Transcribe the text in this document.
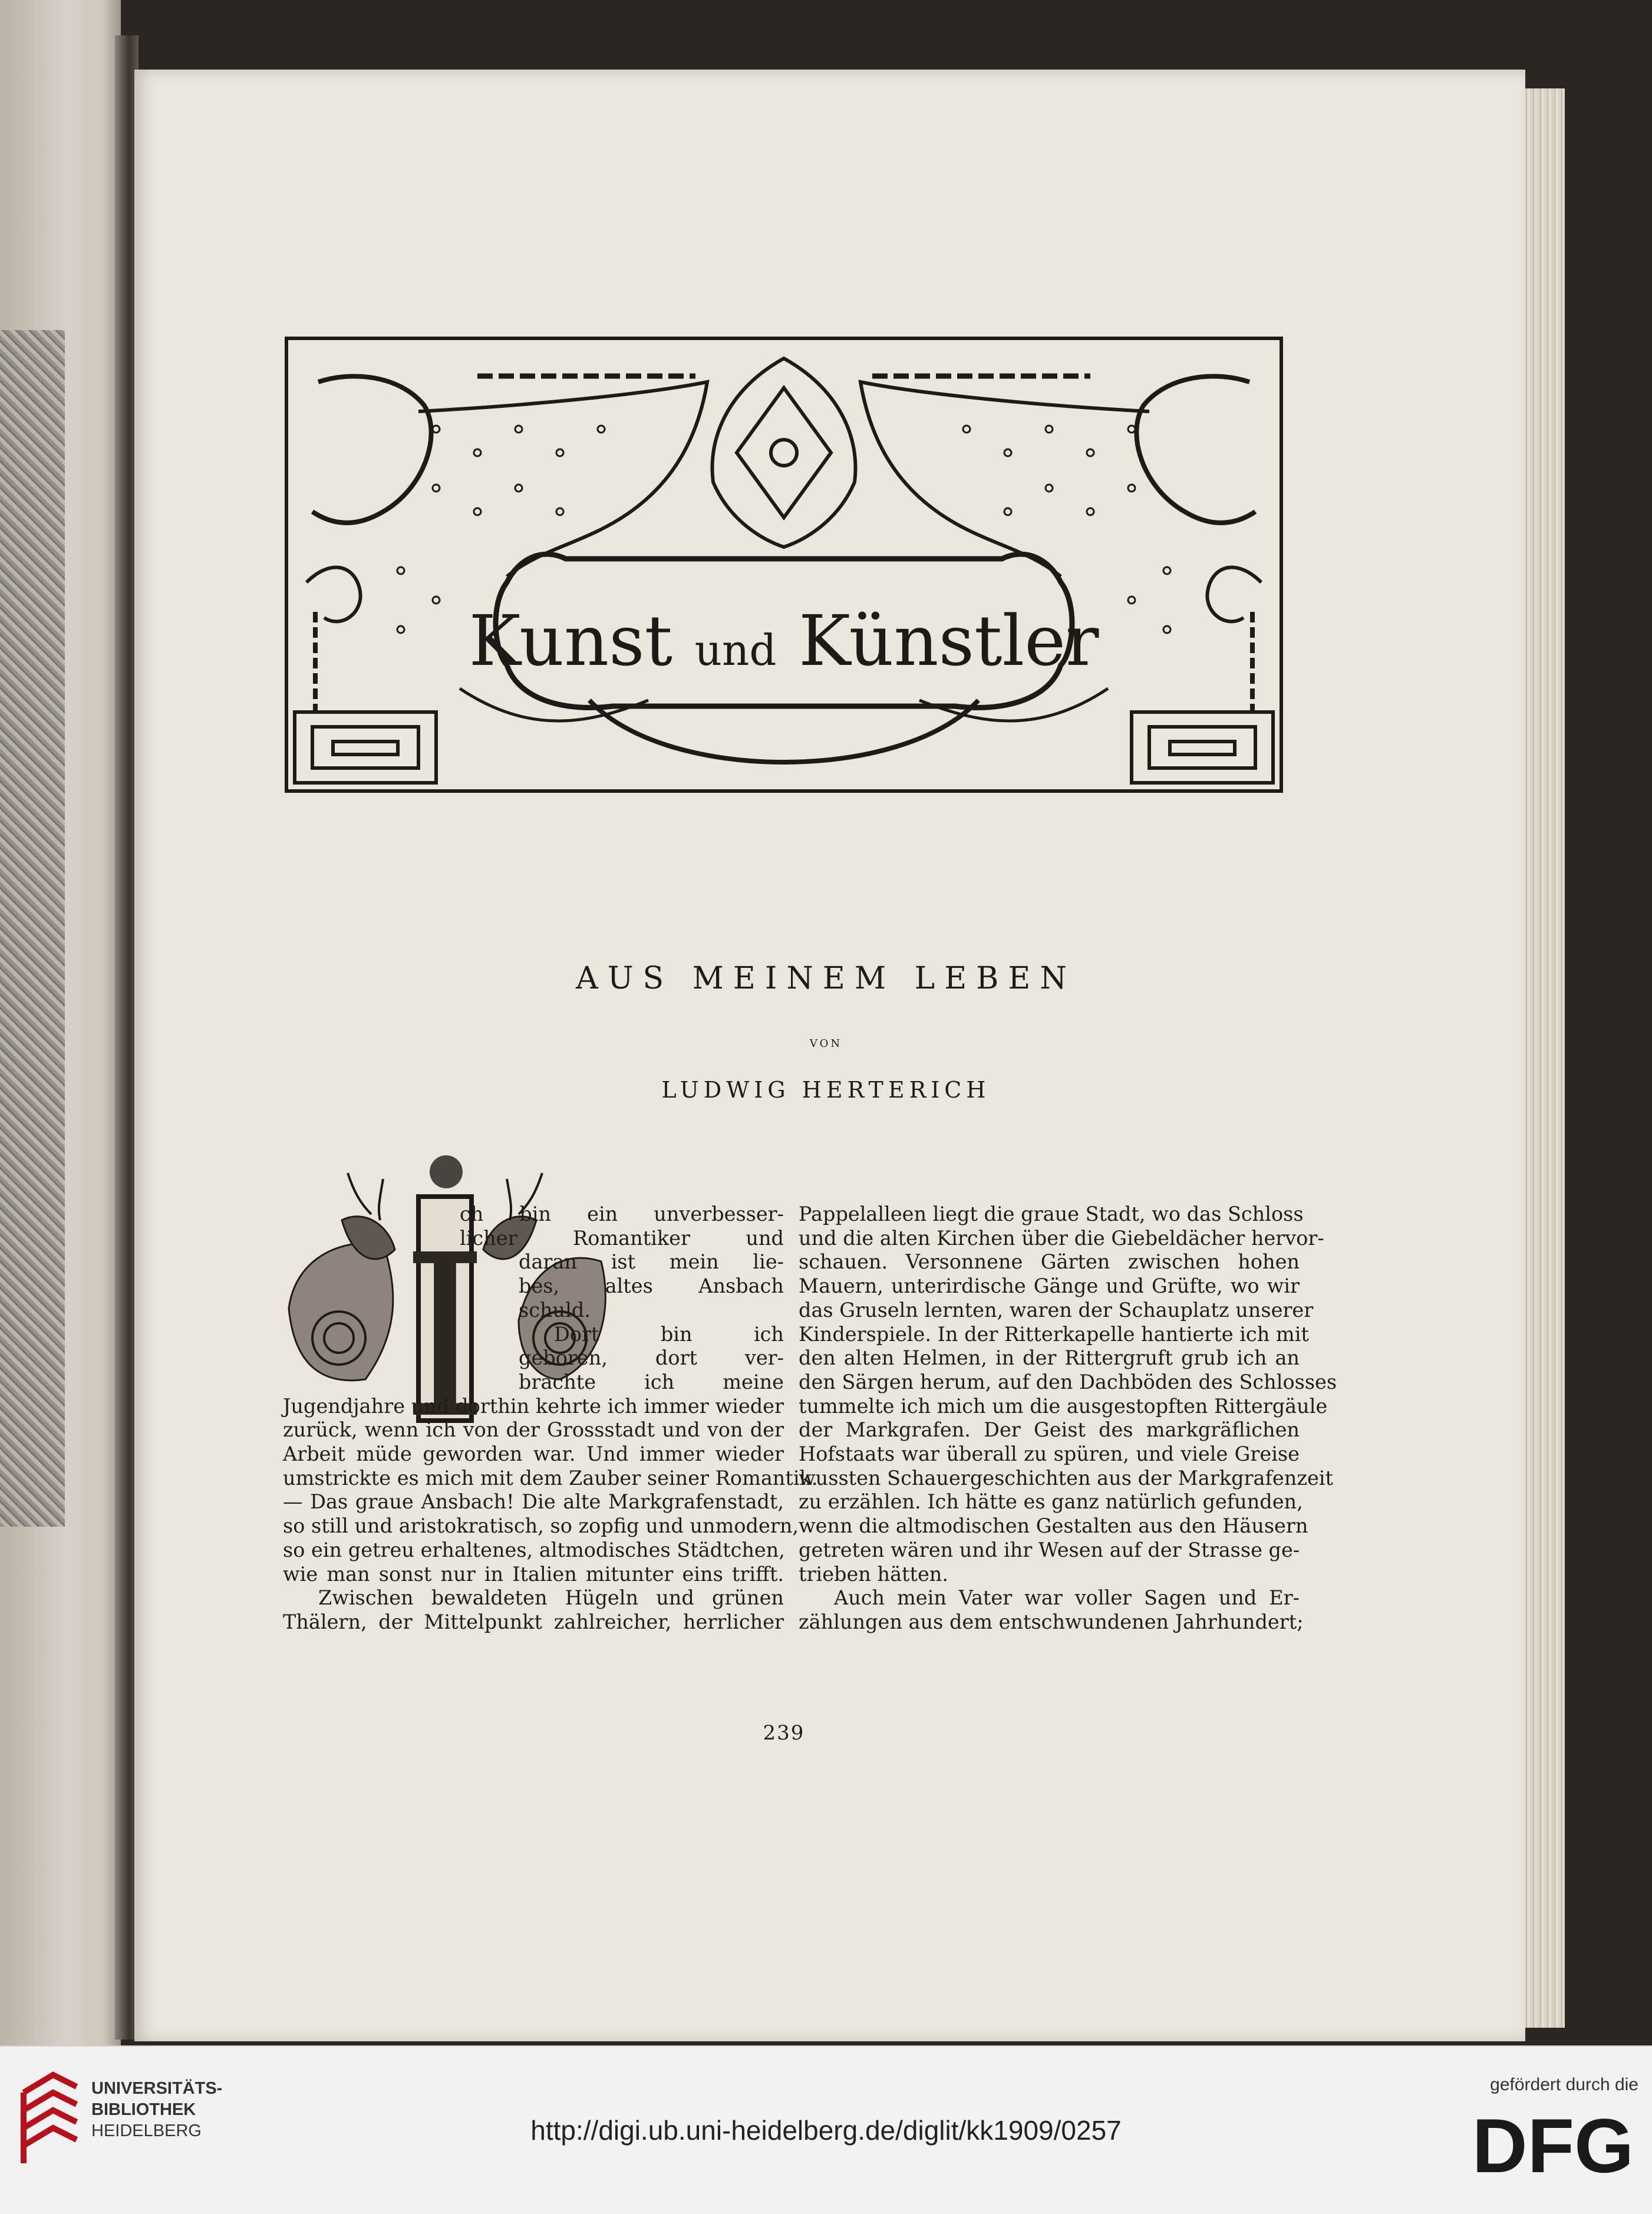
Kunst und Künstler
AUS MEINEM LEBEN
von
LUDWIG HERTERICH
I
ch bin ein unverbesser-
licher Romantiker und
daran ist mein lie-
bes, altes Ansbach
schuld.
Dort bin ich
geboren, dort ver-
brachte ich meine
Jugendjahre und dorthin kehrte ich immer wieder
zurück, wenn ich von der Grossstadt und von der
Arbeit müde geworden war. Und immer wieder
umstrickte es mich mit dem Zauber seiner Romantik.
— Das graue Ansbach! Die alte Markgrafenstadt,
so still und aristokratisch, so zopfig und unmodern,
so ein getreu erhaltenes, altmodisches Städtchen,
wie man sonst nur in Italien mitunter eins trifft.
Zwischen bewaldeten Hügeln und grünen
Thälern, der Mittelpunkt zahlreicher, herrlicher
Pappelalleen liegt die graue Stadt, wo das Schloss
und die alten Kirchen über die Giebeldächer hervor-
schauen. Versonnene Gärten zwischen hohen
Mauern, unterirdische Gänge und Grüfte, wo wir
das Gruseln lernten, waren der Schauplatz unserer
Kinderspiele. In der Ritterkapelle hantierte ich mit
den alten Helmen, in der Rittergruft grub ich an
den Särgen herum, auf den Dachböden des Schlosses
tummelte ich mich um die ausgestopften Rittergäule
der Markgrafen. Der Geist des markgräflichen
Hofstaats war überall zu spüren, und viele Greise
wussten Schauergeschichten aus der Markgrafenzeit
zu erzählen. Ich hätte es ganz natürlich gefunden,
wenn die altmodischen Gestalten aus den Häusern
getreten wären und ihr Wesen auf der Strasse ge-
trieben hätten.
Auch mein Vater war voller Sagen und Er-
zählungen aus dem entschwundenen Jahrhundert;
239
UNIVERSITÄTS-
BIBLIOTHEK
HEIDELBERG	http://digi.ub.uni-heidelberg.de/diglit/kk1909/0257
gefördert durch die
DFG
